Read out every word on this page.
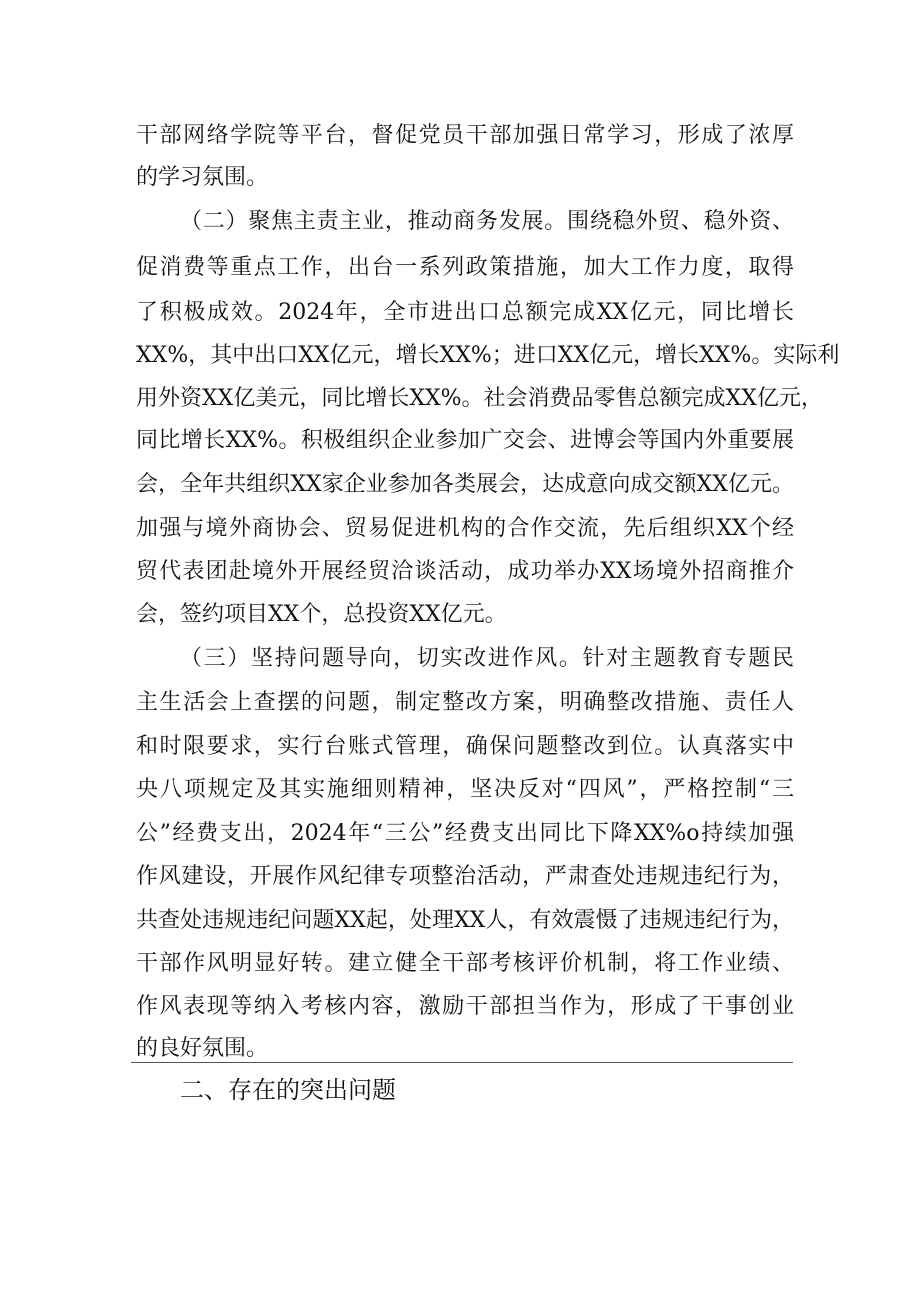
干部网络学院等平台，督促党员干部加强日常学习，形成了浓厚
的学习氛围。
（二）聚焦主责主业，推动商务发展。围绕稳外贸、稳外资、
促消费等重点工作，出台一系列政策措施，加大工作力度，取得
了积极成效。2024年，全市进出口总额完成XX亿元，同比增长
XX%，其中出口XX亿元，增长XX%；进口XX亿元，增长XX%。实际利
用外资XX亿美元，同比增长XX%。社会消费品零售总额完成XX亿元，
同比增长XX%。积极组织企业参加广交会、进博会等国内外重要展
会，全年共组织XX家企业参加各类展会，达成意向成交额XX亿元。
加强与境外商协会、贸易促进机构的合作交流，先后组织XX个经
贸代表团赴境外开展经贸洽谈活动，成功举办XX场境外招商推介
会，签约项目XX个，总投资XX亿元。
（三）坚持问题导向，切实改进作风。针对主题教育专题民
主生活会上查摆的问题，制定整改方案，明确整改措施、责任人
和时限要求，实行台账式管理，确保问题整改到位。认真落实中
央八项规定及其实施细则精神，坚决反对“四风”，严格控制“三
公”经费支出，2024年“三公”经费支出同比下降XX%o持续加强
作风建设，开展作风纪律专项整治活动，严肃查处违规违纪行为，
共查处违规违纪问题XX起，处理XX人，有效震慑了违规违纪行为，
干部作风明显好转。建立健全干部考核评价机制，将工作业绩、
作风表现等纳入考核内容，激励干部担当作为，形成了干事创业
的良好氛围。
二、存在的突出问题
